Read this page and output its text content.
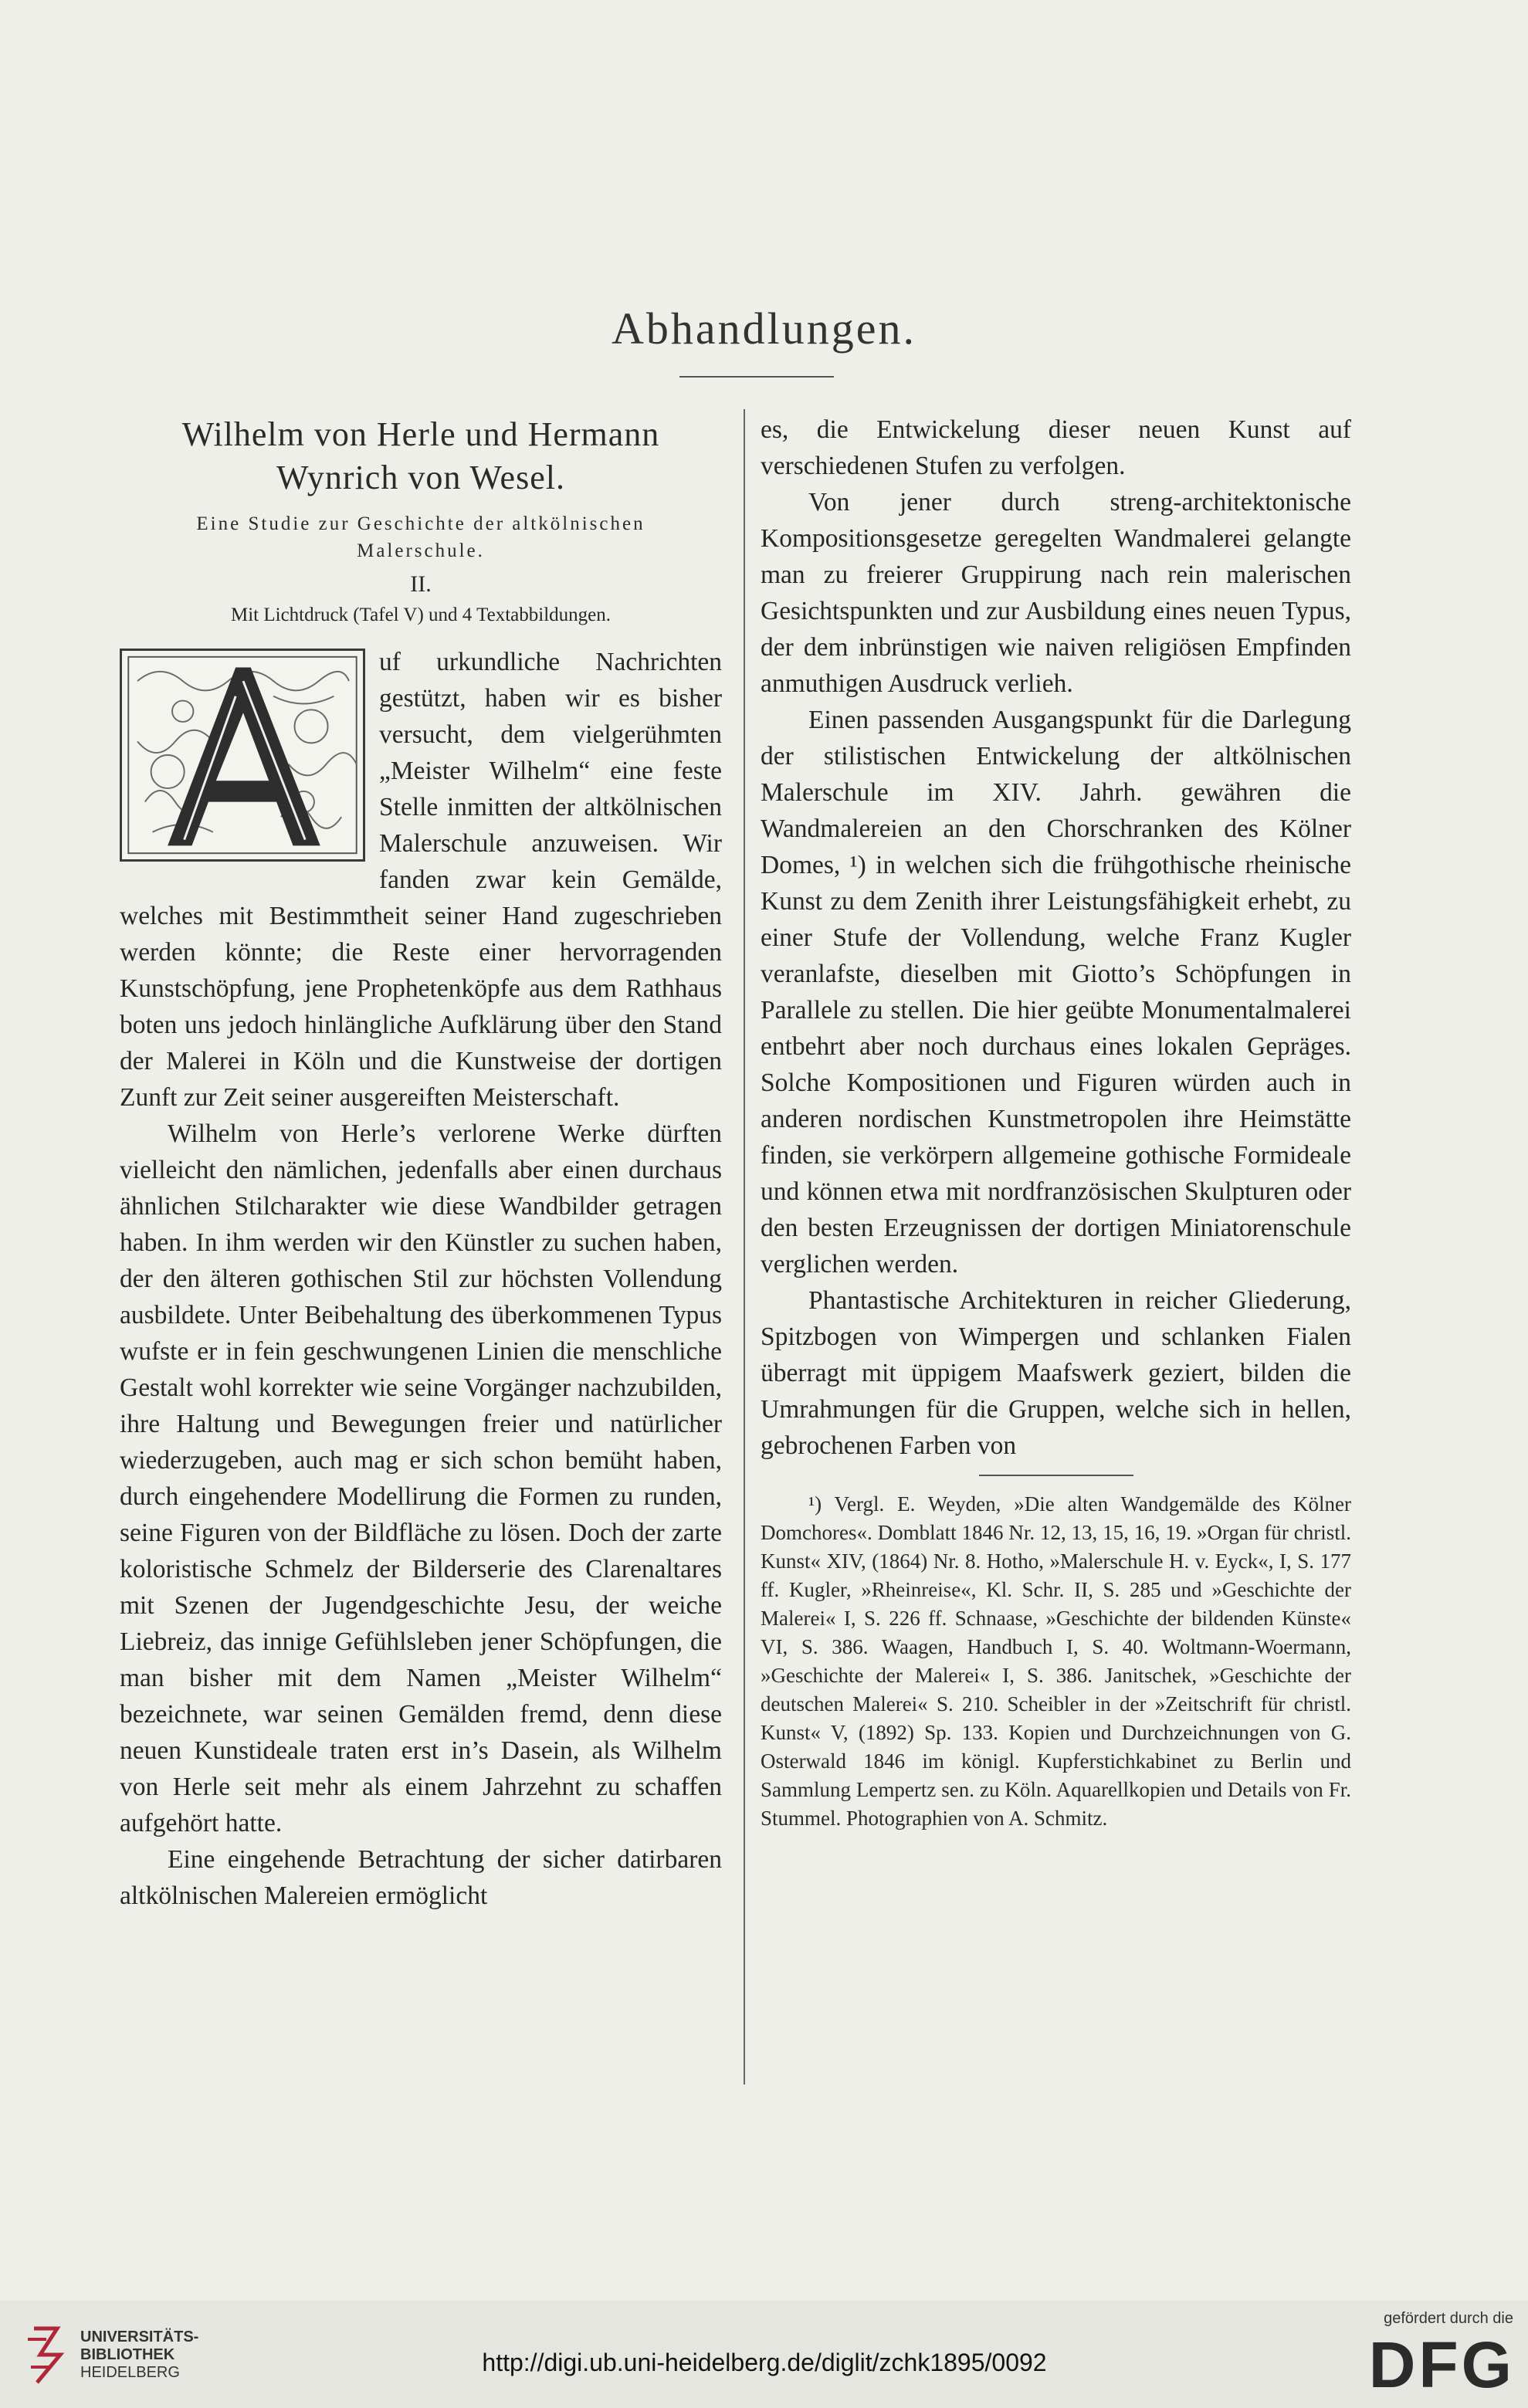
Abhandlungen.
Wilhelm von Herle und Hermann
Wynrich von Wesel.
Eine Studie zur Geschichte der altkölnischen
Malerschule.
II.
Mit Lichtdruck (Tafel V) und 4 Textabbildungen.

uf urkundliche Nachrichten gestützt, haben wir es bisher versucht, dem vielgerühmten „Meister Wilhelm“ eine feste Stelle inmitten der altkölnischen Malerschule anzuweisen. Wir fanden zwar kein Gemälde, welches mit Bestimmtheit seiner Hand zugeschrieben werden könnte; die Reste einer hervorragenden Kunstschöpfung, jene Prophetenköpfe aus dem Rathhaus boten uns jedoch hinlängliche Aufklärung über den Stand der Malerei in Köln und die Kunstweise der dortigen Zunft zur Zeit seiner ausgereiften Meisterschaft.

Wilhelm von Herle’s verlorene Werke dürften vielleicht den nämlichen, jedenfalls aber einen durchaus ähnlichen Stilcharakter wie diese Wandbilder getragen haben. In ihm werden wir den Künstler zu suchen haben, der den älteren gothischen Stil zur höchsten Vollendung ausbildete. Unter Beibehaltung des überkommenen Typus wufste er in fein geschwungenen Linien die menschliche Gestalt wohl korrekter wie seine Vorgänger nachzubilden, ihre Haltung und Bewegungen freier und natürlicher wiederzugeben, auch mag er sich schon bemüht haben, durch eingehendere Modellirung die Formen zu runden, seine Figuren von der Bildfläche zu lösen. Doch der zarte koloristische Schmelz der Bilderserie des Clarenaltares mit Szenen der Jugendgeschichte Jesu, der weiche Liebreiz, das innige Gefühlsleben jener Schöpfungen, die man bisher mit dem Namen „Meister Wilhelm“ bezeichnete, war seinen Gemälden fremd, denn diese neuen Kunstideale traten erst in’s Dasein, als Wilhelm von Herle seit mehr als einem Jahrzehnt zu schaffen aufgehört hatte.

Eine eingehende Betrachtung der sicher datirbaren altkölnischen Malereien ermöglicht

es, die Entwickelung dieser neuen Kunst auf verschiedenen Stufen zu verfolgen.

Von jener durch streng-architektonische Kompositionsgesetze geregelten Wandmalerei gelangte man zu freierer Gruppirung nach rein malerischen Gesichtspunkten und zur Ausbildung eines neuen Typus, der dem inbrünstigen wie naiven religiösen Empfinden anmuthigen Ausdruck verlieh.

Einen passenden Ausgangspunkt für die Darlegung der stilistischen Entwickelung der altkölnischen Malerschule im XIV. Jahrh. gewähren die Wandmalereien an den Chorschranken des Kölner Domes, ¹) in welchen sich die frühgothische rheinische Kunst zu dem Zenith ihrer Leistungsfähigkeit erhebt, zu einer Stufe der Vollendung, welche Franz Kugler veranlafste, dieselben mit Giotto’s Schöpfungen in Parallele zu stellen. Die hier geübte Monumentalmalerei entbehrt aber noch durchaus eines lokalen Gepräges. Solche Kompositionen und Figuren würden auch in anderen nordischen Kunstmetropolen ihre Heimstätte finden, sie verkörpern allgemeine gothische Formideale und können etwa mit nordfranzösischen Skulpturen oder den besten Erzeugnissen der dortigen Miniatorenschule verglichen werden.

Phantastische Architekturen in reicher Gliederung, Spitzbogen von Wimpergen und schlanken Fialen überragt mit üppigem Maafswerk geziert, bilden die Umrahmungen für die Gruppen, welche sich in hellen, gebrochenen Farben von

¹) Vergl. E. Weyden, »Die alten Wandgemälde des Kölner Domchores«. Domblatt 1846 Nr. 12, 13, 15, 16, 19. »Organ für christl. Kunst« XIV, (1864) Nr. 8. Hotho, »Malerschule H. v. Eyck«, I, S. 177 ff. Kugler, »Rheinreise«, Kl. Schr. II, S. 285 und »Geschichte der Malerei« I, S. 226 ff. Schnaase, »Geschichte der bildenden Künste« VI, S. 386. Waagen, Handbuch I, S. 40. Woltmann-Woermann, »Geschichte der Malerei« I, S. 386. Janitschek, »Geschichte der deutschen Malerei« S. 210. Scheibler in der »Zeitschrift für christl. Kunst« V, (1892) Sp. 133. Kopien und Durchzeichnungen von G. Osterwald 1846 im königl. Kupferstichkabinet zu Berlin und Sammlung Lempertz sen. zu Köln. Aquarellkopien und Details von Fr. Stummel. Photographien von A. Schmitz.

UNIVERSITÄTS-
BIBLIOTHEK
HEIDELBERG	http://digi.ub.uni-heidelberg.de/diglit/zchk1895/0092
gefördert durch die
DFG
